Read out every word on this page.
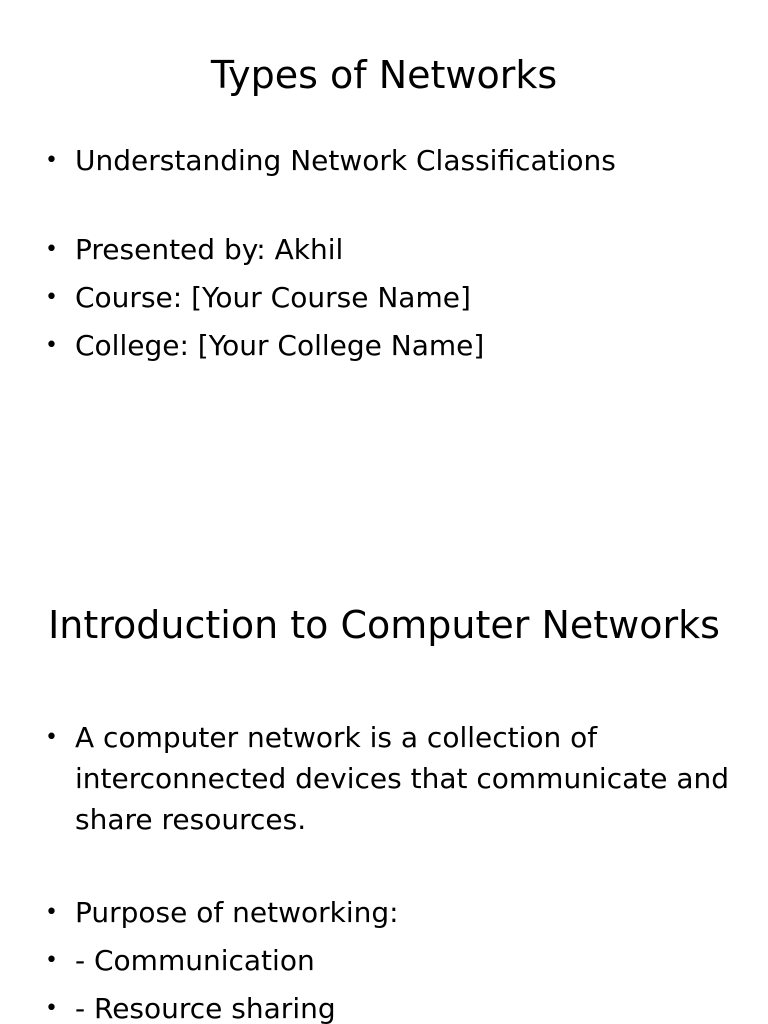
Types of Networks
• Understanding Network Classifications
• Presented by: Akhil
• Course: [Your Course Name]
• College: [Your College Name]
Introduction to Computer Networks
• A computer network is a collection of interconnected devices that communicate and share resources.
• Purpose of networking:
• - Communication
• - Resource sharing
